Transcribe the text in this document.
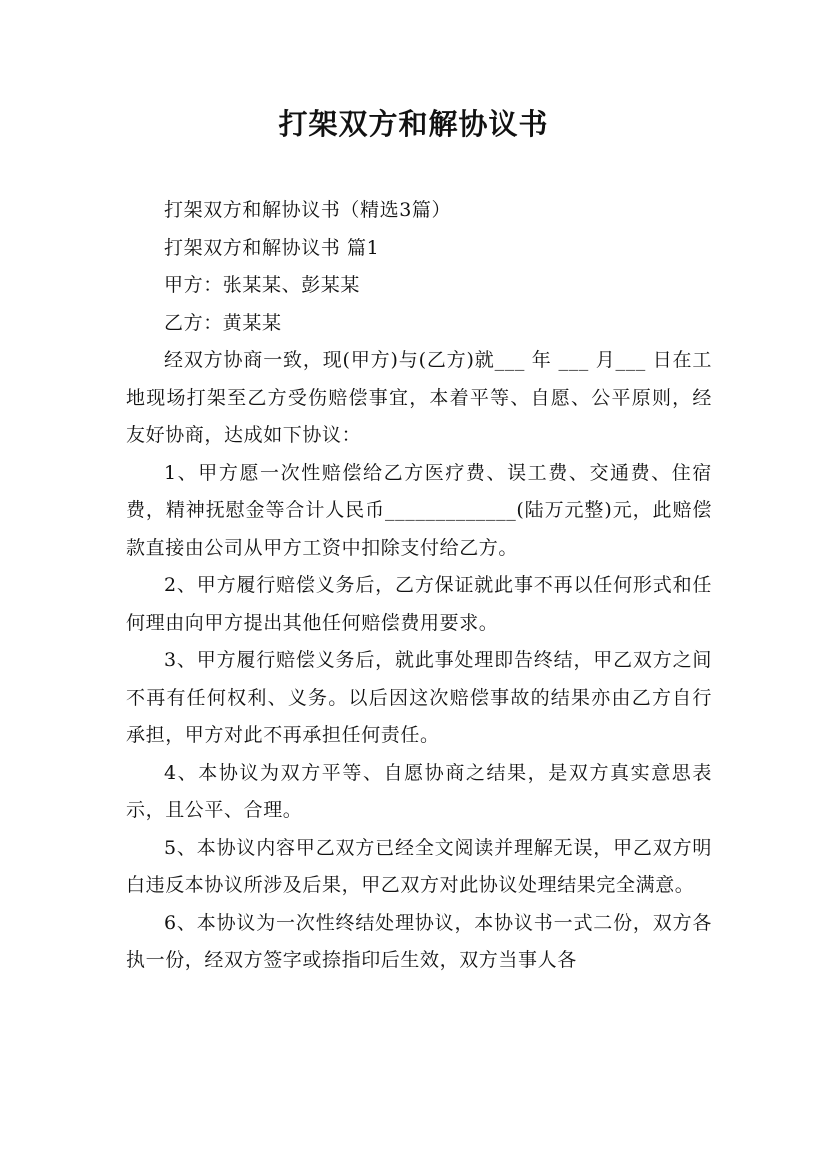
打架双方和解协议书

打架双方和解协议书（精选3篇）

打架双方和解协议书 篇1

甲方：张某某、彭某某

乙方：黄某某

经双方协商一致，现(甲方)与(乙方)就___ 年 ___ 月___ 日在工地现场打架至乙方受伤赔偿事宜，本着平等、自愿、公平原则，经友好协商，达成如下协议：

1、甲方愿一次性赔偿给乙方医疗费、误工费、交通费、住宿费，精神抚慰金等合计人民币_____________(陆万元整)元，此赔偿款直接由公司从甲方工资中扣除支付给乙方。

2、甲方履行赔偿义务后，乙方保证就此事不再以任何形式和任何理由向甲方提出其他任何赔偿费用要求。

3、甲方履行赔偿义务后，就此事处理即告终结，甲乙双方之间不再有任何权利、义务。以后因这次赔偿事故的结果亦由乙方自行承担，甲方对此不再承担任何责任。

4、本协议为双方平等、自愿协商之结果，是双方真实意思表示，且公平、合理。

5、本协议内容甲乙双方已经全文阅读并理解无误，甲乙双方明白违反本协议所涉及后果，甲乙双方对此协议处理结果完全满意。

6、本协议为一次性终结处理协议，本协议书一式二份，双方各执一份，经双方签字或捺指印后生效，双方当事人各
